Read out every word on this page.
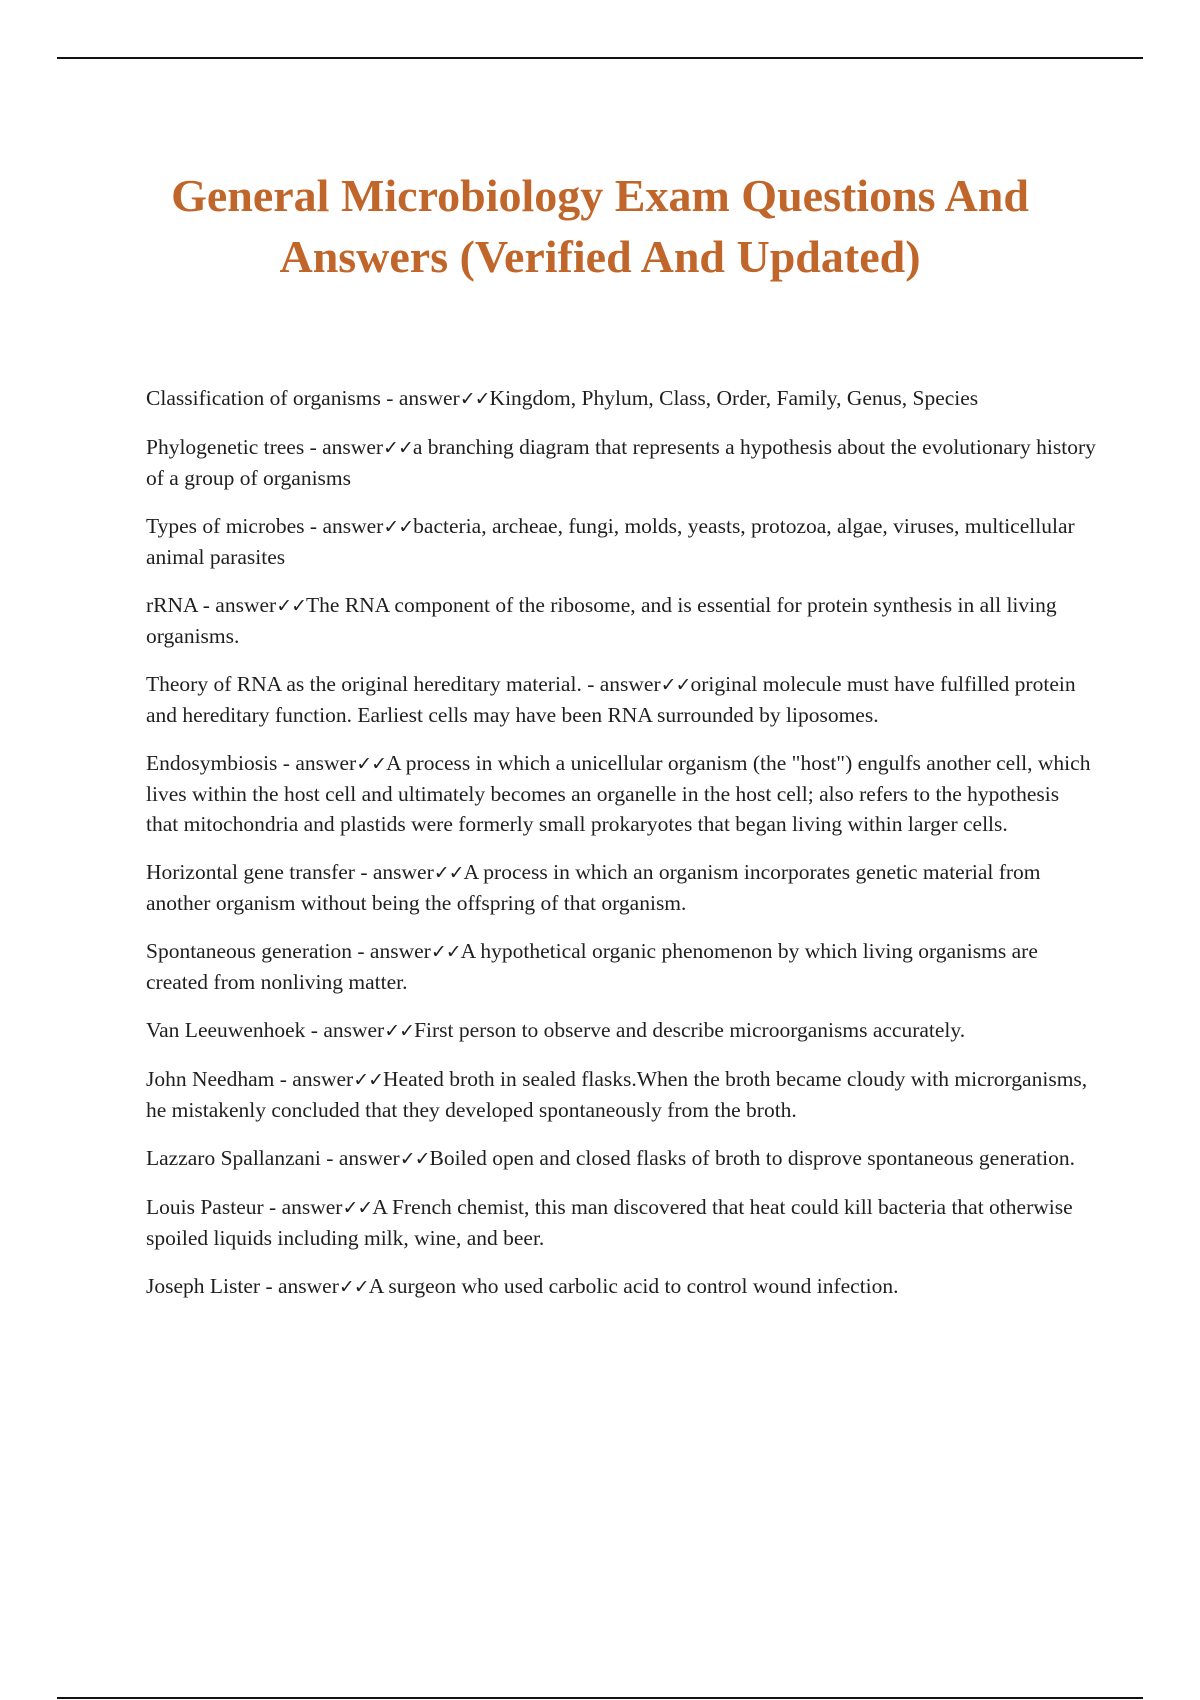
General Microbiology Exam Questions And Answers (Verified And Updated)

Classification of organisms - answer✓✓Kingdom, Phylum, Class, Order, Family, Genus, Species

Phylogenetic trees - answer✓✓a branching diagram that represents a hypothesis about the evolutionary history of a group of organisms

Types of microbes - answer✓✓bacteria, archeae, fungi, molds, yeasts, protozoa, algae, viruses, multicellular animal parasites

rRNA - answer✓✓The RNA component of the ribosome, and is essential for protein synthesis in all living organisms.

Theory of RNA as the original hereditary material. - answer✓✓original molecule must have fulfilled protein and hereditary function. Earliest cells may have been RNA surrounded by liposomes.

Endosymbiosis - answer✓✓A process in which a unicellular organism (the "host") engulfs another cell, which lives within the host cell and ultimately becomes an organelle in the host cell; also refers to the hypothesis that mitochondria and plastids were formerly small prokaryotes that began living within larger cells.

Horizontal gene transfer - answer✓✓A process in which an organism incorporates genetic material from another organism without being the offspring of that organism.

Spontaneous generation - answer✓✓A hypothetical organic phenomenon by which living organisms are created from nonliving matter.

Van Leeuwenhoek - answer✓✓First person to observe and describe microorganisms accurately.

John Needham - answer✓✓Heated broth in sealed flasks.When the broth became cloudy with microrganisms, he mistakenly concluded that they developed spontaneously from the broth.

Lazzaro Spallanzani - answer✓✓Boiled open and closed flasks of broth to disprove spontaneous generation.

Louis Pasteur - answer✓✓A French chemist, this man discovered that heat could kill bacteria that otherwise spoiled liquids including milk, wine, and beer.

Joseph Lister - answer✓✓A surgeon who used carbolic acid to control wound infection.
